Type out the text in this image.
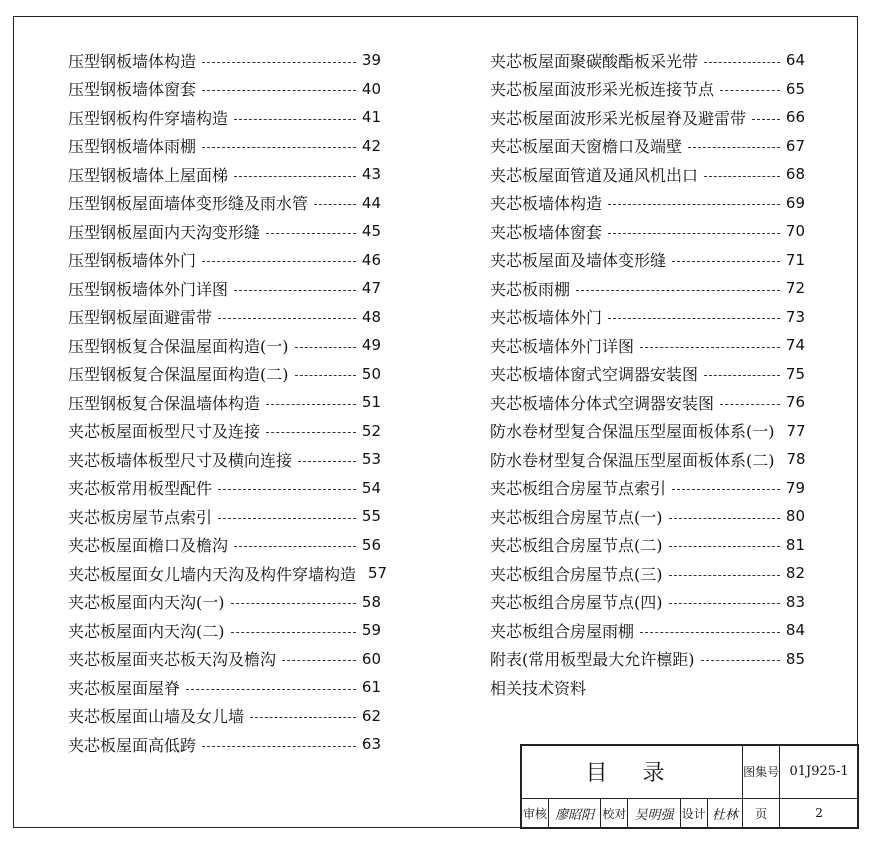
压型钢板墙体构造	39
压型钢板墙体窗套	40
压型钢板构件穿墙构造	41
压型钢板墙体雨棚	42
压型钢板墙体上屋面梯	43
压型钢板屋面墙体变形缝及雨水管	44
压型钢板屋面内天沟变形缝	45
压型钢板墙体外门	46
压型钢板墙体外门详图	47
压型钢板屋面避雷带	48
压型钢板复合保温屋面构造(一)	49
压型钢板复合保温屋面构造(二)	50
压型钢板复合保温墙体构造	51
夹芯板屋面板型尺寸及连接	52
夹芯板墙体板型尺寸及横向连接	53
夹芯板常用板型配件	54
夹芯板房屋节点索引	55
夹芯板屋面檐口及檐沟	56
夹芯板屋面女儿墙内天沟及构件穿墙构造 57
夹芯板屋面内天沟(一)	58
夹芯板屋面内天沟(二)	59
夹芯板屋面夹芯板天沟及檐沟	60
夹芯板屋面屋脊	61
夹芯板屋面山墙及女儿墙	62
夹芯板屋面高低跨	63
夹芯板屋面聚碳酸酯板采光带	64
夹芯板屋面波形采光板连接节点	65
夹芯板屋面波形采光板屋脊及避雷带	66
夹芯板屋面天窗檐口及端壁	67
夹芯板屋面管道及通风机出口	68
夹芯板墙体构造	69
夹芯板墙体窗套	70
夹芯板屋面及墙体变形缝	71
夹芯板雨棚	72
夹芯板墙体外门	73
夹芯板墙体外门详图	74
夹芯板墙体窗式空调器安装图	75
夹芯板墙体分体式空调器安装图	76
防水卷材型复合保温压型屋面板体系(一) 77
防水卷材型复合保温压型屋面板体系(二) 78
夹芯板组合房屋节点索引	79
夹芯板组合房屋节点(一)	80
夹芯板组合房屋节点(二)	81
夹芯板组合房屋节点(三)	82
夹芯板组合房屋节点(四)	83
夹芯板组合房屋雨棚	84
附表(常用板型最大允许檩距)	85
相关技术资料
目 录						图集号	01J925-1
审核	廖昭阳	校对	吴明强	设计	杜林	页	2
